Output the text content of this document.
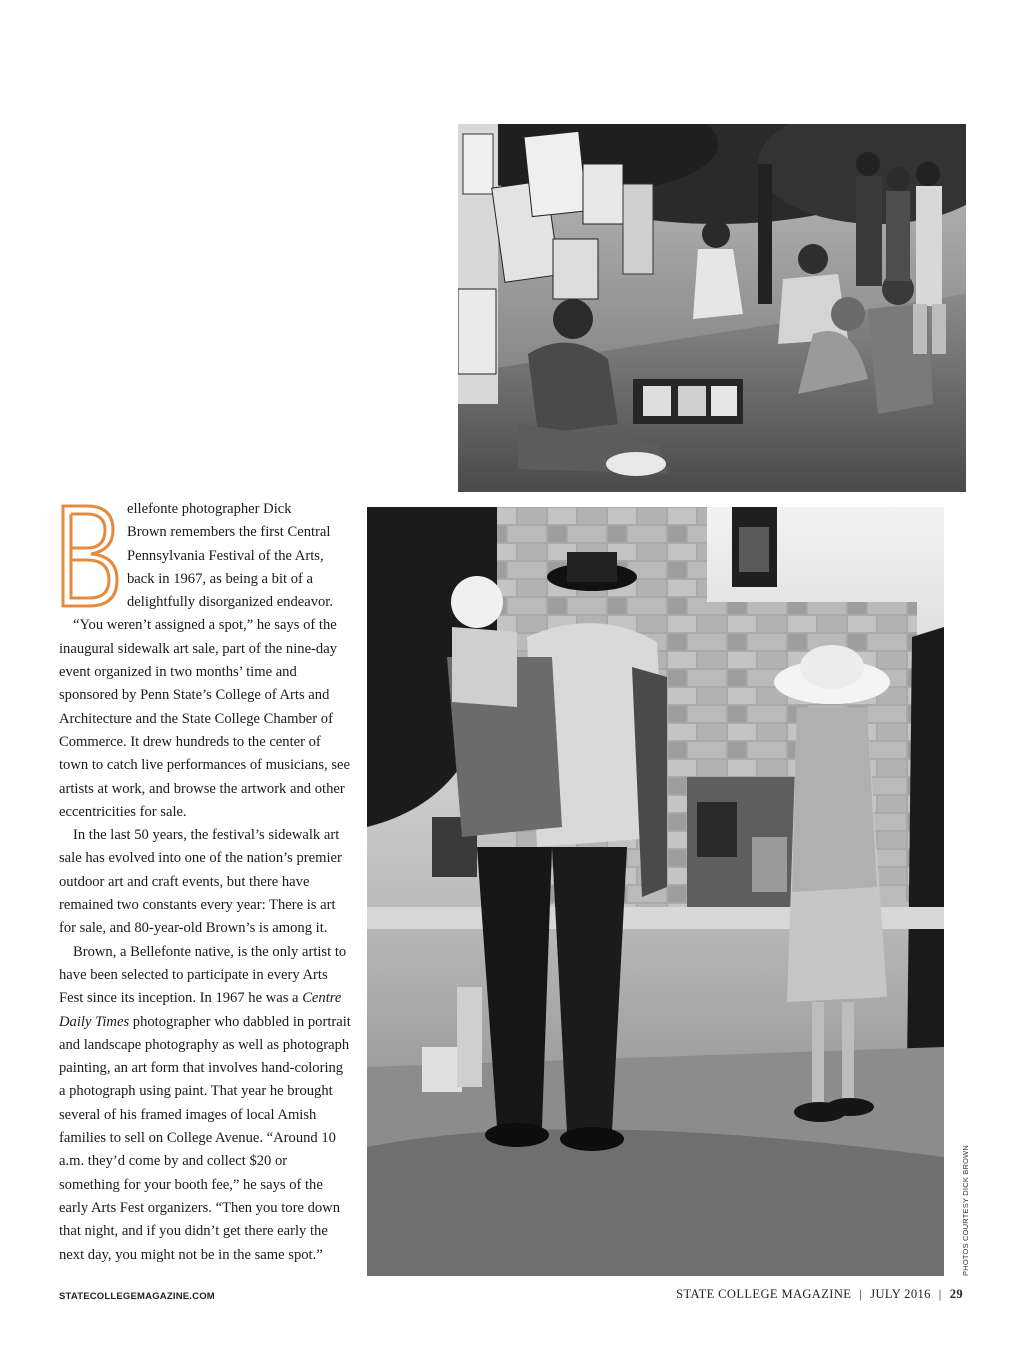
PHOTOS COURTESY DICK BROWN
B

ellefonte photographer Dick
Brown remembers the first Central
Pennsylvania Festival of the Arts,
back in 1967, as being a bit of a
delightfully disorganized endeavor.

“You weren’t assigned a spot,” he says of the inaugural sidewalk art sale, part of the nine-day event organized in two months’ time and sponsored by Penn State’s College of Arts and Architecture and the State College Chamber of Commerce. It drew hundreds to the center of town to catch live performances of musicians, see artists at work, and browse the artwork and other eccentricities for sale.

In the last 50 years, the festival’s sidewalk art sale has evolved into one of the nation’s premier outdoor art and craft events, but there have remained two constants every year: There is art for sale, and 80-year-old Brown’s is among it.

Brown, a Bellefonte native, is the only artist to have been selected to participate in every Arts Fest since its inception. In 1967 he was a Centre Daily Times photographer who dabbled in portrait and landscape photography as well as photograph painting, an art form that involves hand-coloring a photograph using paint. That year he brought several of his framed images of local Amish families to sell on College Avenue. “Around 10 a.m. they’d come by and collect $20 or something for your booth fee,” he says of the early Arts Fest organizers. “Then you tore down that night, and if you didn’t get there early the next day, you might not be in the same spot.”

STATECOLLEGEMAGAZINE.COM	STATE COLLEGE MAGAZINE | JULY 2016 | 29
